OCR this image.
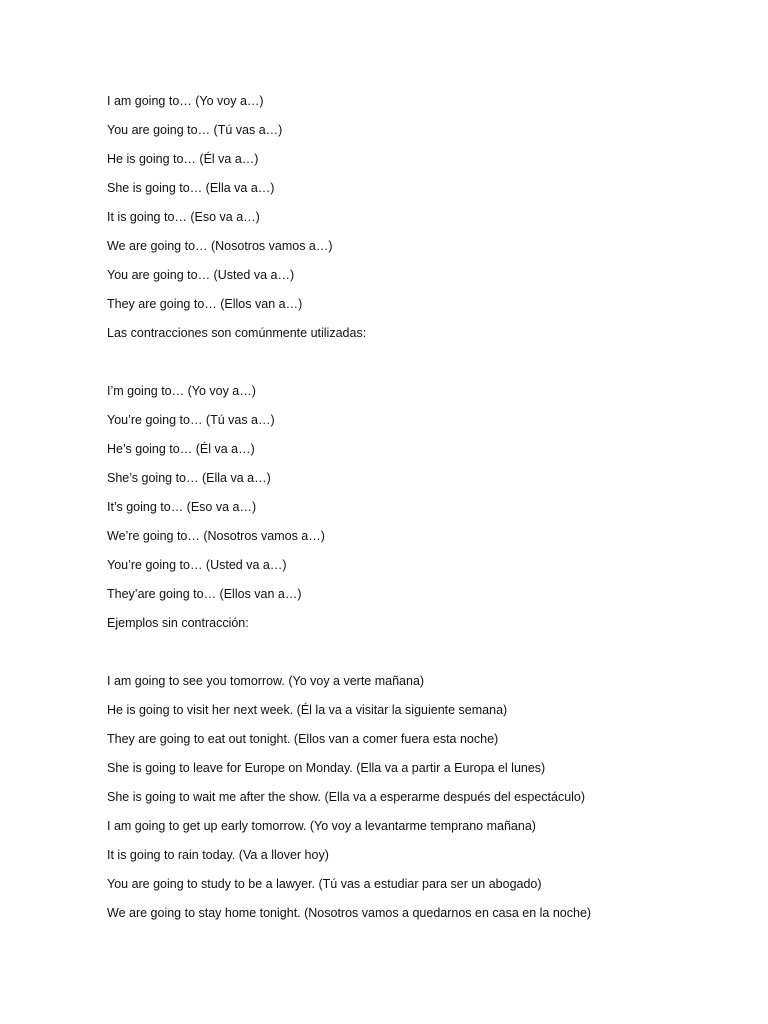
I am going to… (Yo voy a…)
You are going to… (Tú vas a…)
He is going to… (Él va a…)
She is going to… (Ella va a…)
It is going to… (Eso va a…)
We are going to… (Nosotros vamos a…)
You are going to… (Usted va a…)
They are going to… (Ellos van a…)
Las contracciones son comúnmente utilizadas:
I’m going to… (Yo voy a…)
You’re going to… (Tú vas a…)
He’s going to… (Él va a…)
She’s going to… (Ella va a…)
It’s going to… (Eso va a…)
We’re going to… (Nosotros vamos a…)
You’re going to… (Usted va a…)
They’are going to… (Ellos van a…)
Ejemplos sin contracción:
I am going to see you tomorrow. (Yo voy a verte mañana)
He is going to visit her next week. (Él la va a visitar la siguiente semana)
They are going to eat out tonight. (Ellos van a comer fuera esta noche)
She is going to leave for Europe on Monday. (Ella va a partir a Europa el lunes)
She is going to wait me after the show. (Ella va a esperarme después del espectáculo)
I am going to get up early tomorrow. (Yo voy a levantarme temprano mañana)
It is going to rain today. (Va a llover hoy)
You are going to study to be a lawyer. (Tú vas a estudiar para ser un abogado)
We are going to stay home tonight. (Nosotros vamos a quedarnos en casa en la noche)
